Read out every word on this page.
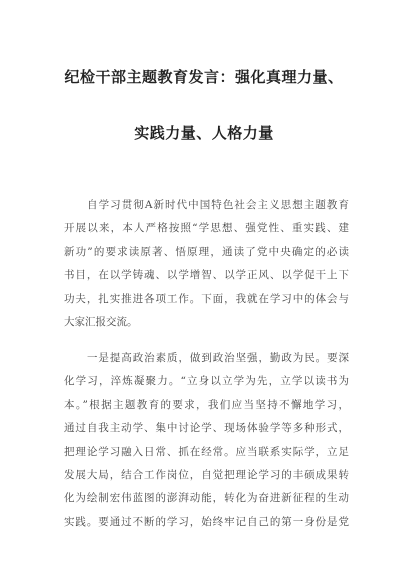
纪检干部主题教育发言：强化真理力量、
实践力量、人格力量
自学习贯彻A新时代中国特色社会主义思想主题教育
开展以来，本人严格按照“学思想、强党性、重实践、建
新功”的要求读原著、悟原理，通读了党中央确定的必读
书目，在以学铸魂、以学增智、以学正风、以学促干上下
功夫，扎实推进各项工作。下面，我就在学习中的体会与
大家汇报交流。
一是提高政治素质，做到政治坚强，勤政为民。要深
化学习，淬炼凝聚力。“立身以立学为先，立学以读书为
本。”根据主题教育的要求，我们应当坚持不懈地学习，
通过自我主动学、集中讨论学、现场体验学等多种形式，
把理论学习融入日常、抓在经常。应当联系实际学，立足
发展大局，结合工作岗位，自觉把理论学习的丰硕成果转
化为绘制宏伟蓝图的澎湃动能，转化为奋进新征程的生动
实践。要通过不断的学习，始终牢记自己的第一身份是党
